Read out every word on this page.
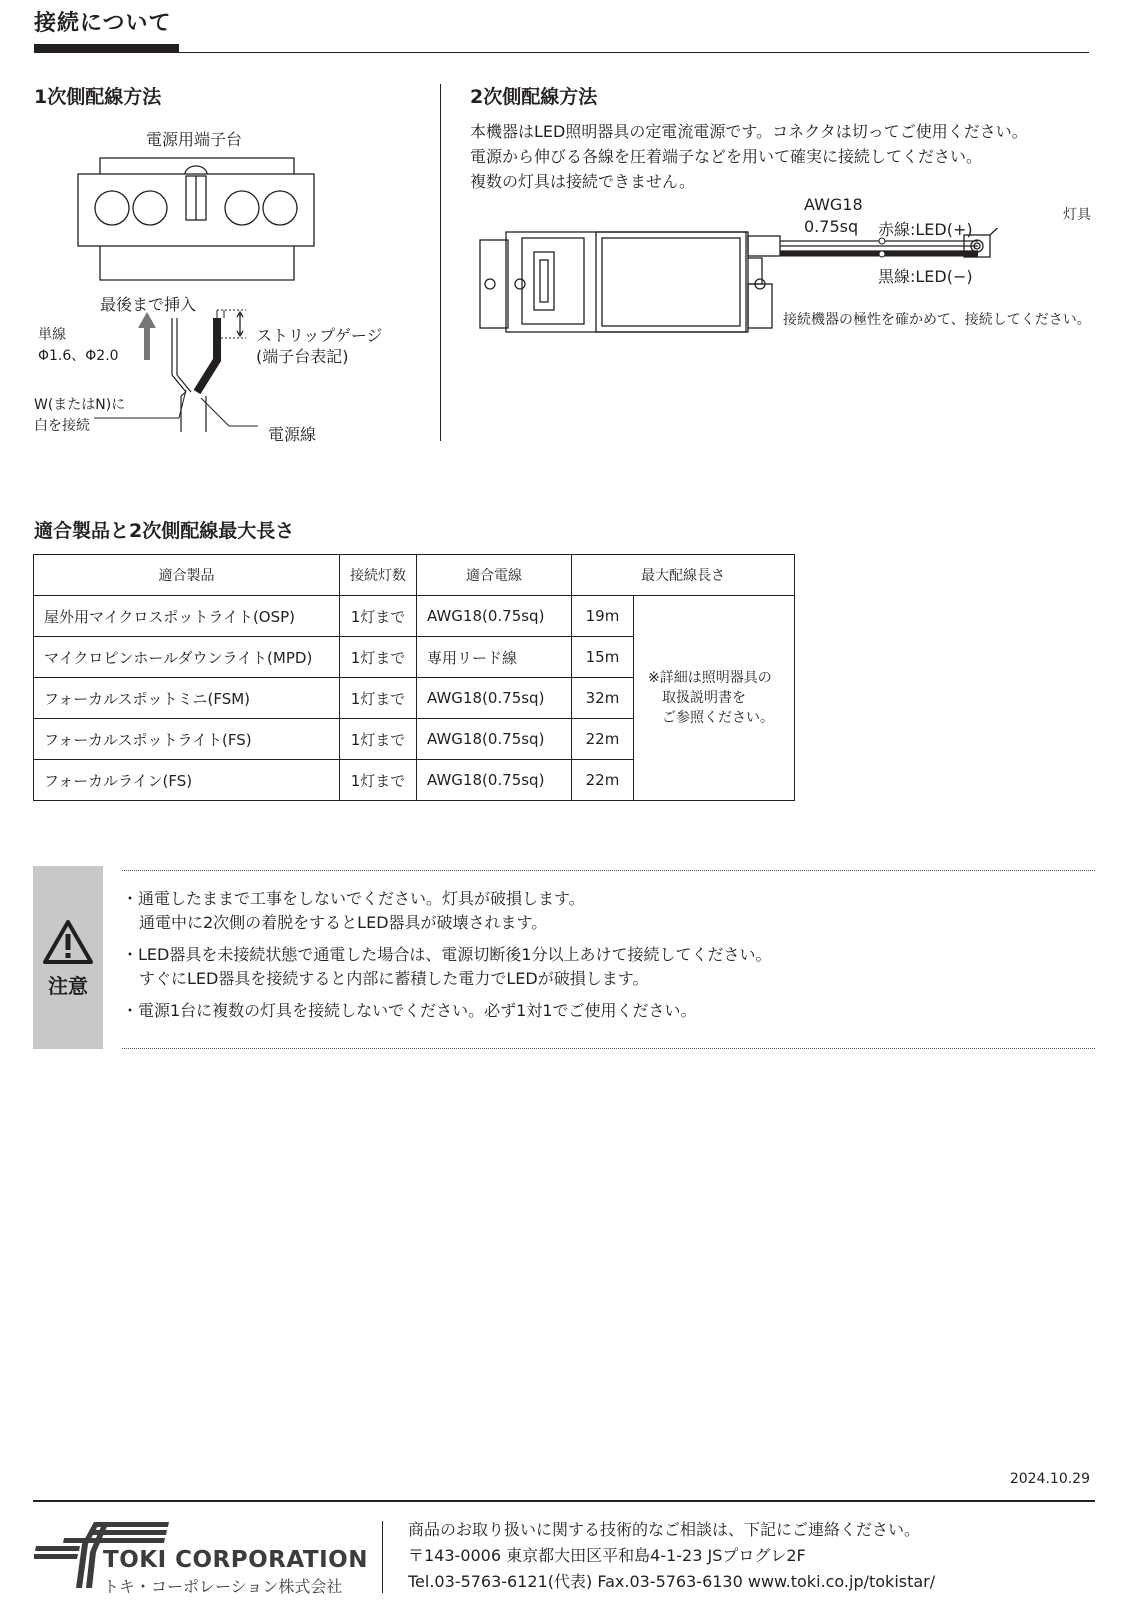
接続について
1次側配線方法
電源用端子台
最後まで挿入
単線
Φ1.6、Φ2.0
ストリップゲージ
(端子台表記)
W(またはN)に
白を接続	電源線
2次側配線方法
本機器はLED照明器具の定電流電源です。コネクタは切ってご使用ください。
電源から伸びる各線を圧着端子などを用いて確実に接続してください。
複数の灯具は接続できません。
AWG18
0.75sq 赤線:LED(+)
黒線:LED(−)
灯具
接続機器の極性を確かめて、接続してください。
適合製品と2次側配線最大長さ
適合製品	接続灯数	適合電線	最大配線長さ	
屋外用マイクロスポットライト(OSP)	1灯まで	AWG18(0.75sq)	19m	※詳細は照明器具の
取扱説明書を
ご参照ください。

マイクロピンホールダウンライト(MPD)	1灯まで	専用リード線	15m	
フォーカルスポットミニ(FSM)	1灯まで	AWG18(0.75sq)	32m	
フォーカルスポットライト(FS)	1灯まで	AWG18(0.75sq)	22m	
フォーカルライン(FS)	1灯まで	AWG18(0.75sq)	22m	
注意
・通電したままで工事をしないでください。灯具が破損します。
通電中に2次側の着脱をするとLED器具が破壊されます。
・LED器具を未接続状態で通電した場合は、電源切断後1分以上あけて接続してください。
すぐにLED器具を接続すると内部に蓄積した電力でLEDが破損します。
・電源1台に複数の灯具を接続しないでください。必ず1対1でご使用ください。
2024.10.29
TOKI CORPORATION
トキ・コーポレーション株式会社
商品のお取り扱いに関する技術的なご相談は、下記にご連絡ください。
〒143-0006 東京都大田区平和島4-1-23 JSプログレ2F
Tel.03-5763-6121(代表) Fax.03-5763-6130 www.toki.co.jp/tokistar/
